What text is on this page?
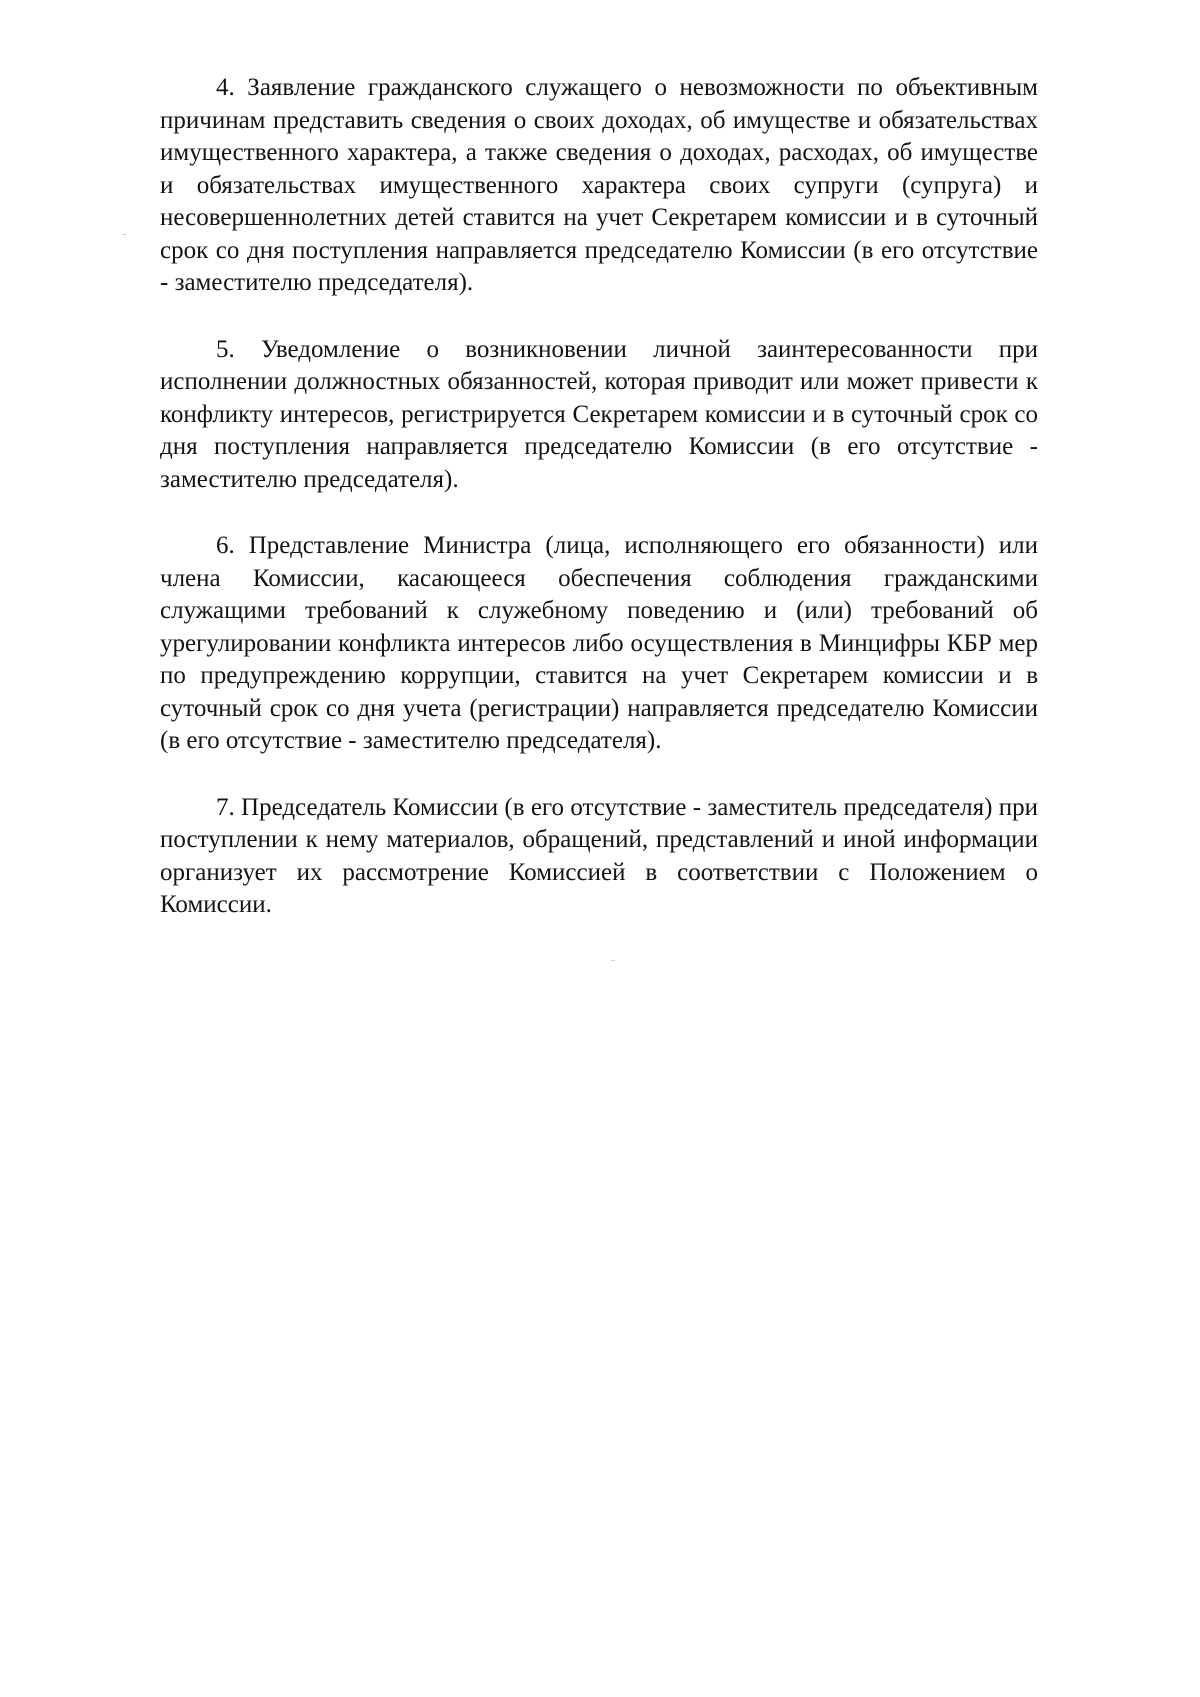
4. Заявление гражданского служащего о невозможности по объективным причинам представить сведения о своих доходах, об имуществе и обязательствах имущественного характера, а также сведения о доходах, расходах, об имуществе и обязательствах имущественного характера своих супруги (супруга) и несовершеннолетних детей ставится на учет Секретарем комиссии и в суточный срок со дня поступления направляется председателю Комиссии (в его отсутствие - заместителю председателя).

5. Уведомление о возникновении личной заинтересованности при исполнении должностных обязанностей, которая приводит или может привести к конфликту интересов, регистрируется Секретарем комиссии и в суточный срок со дня поступления направляется председателю Комиссии (в его отсутствие - заместителю председателя).

6. Представление Министра (лица, исполняющего его обязанности) или члена Комиссии, касающееся обеспечения соблюдения гражданскими служащими требований к служебному поведению и (или) требований об урегулировании конфликта интересов либо осуществления в Минцифры КБР мер по предупреждению коррупции, ставится на учет Секретарем комиссии и в суточный срок со дня учета (регистрации) направляется председателю Комиссии (в его отсутствие - заместителю председателя).

7. Председатель Комиссии (в его отсутствие - заместитель председателя) при поступлении к нему материалов, обращений, представлений и иной информации организует их рассмотрение Комиссией в соответствии с Положением о Комиссии.
